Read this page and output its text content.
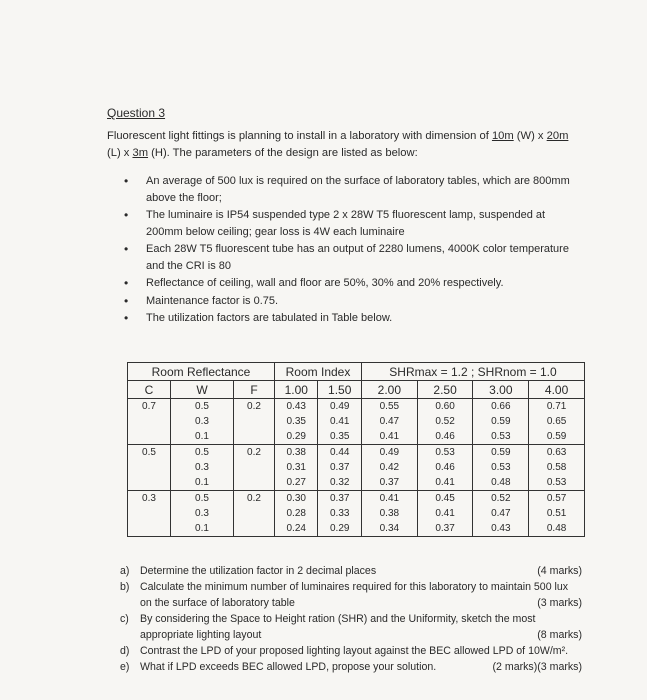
Question 3
Fluorescent light fittings is planning to install in a laboratory with dimension of 10m (W) x 20m (L) x 3m (H). The parameters of the design are listed as below:
• An average of 500 lux is required on the surface of laboratory tables, which are 800mm above the floor;
• The luminaire is IP54 suspended type 2 x 28W T5 fluorescent lamp, suspended at 200mm below ceiling; gear loss is 4W each luminaire
• Each 28W T5 fluorescent tube has an output of 2280 lumens, 4000K color temperature and the CRI is 80
• Reflectance of ceiling, wall and floor are 50%, 30% and 20% respectively.
• Maintenance factor is 0.75.
• The utilization factors are tabulated in Table below.
Room Reflectance			Room Index		SHRmax = 1.2 ; SHRnom = 1.0			
C	W	F	1.00	1.50	2.00	2.50	3.00	4.00
0.7	0.5	0.2	0.43	0.49	0.55	0.60	0.66	0.71
	0.3		0.35	0.41	0.47	0.52	0.59	0.65
	0.1		0.29	0.35	0.41	0.46	0.53	0.59
0.5	0.5	0.2	0.38	0.44	0.49	0.53	0.59	0.63
	0.3		0.31	0.37	0.42	0.46	0.53	0.58
	0.1		0.27	0.32	0.37	0.41	0.48	0.53
0.3	0.5	0.2	0.30	0.37	0.41	0.45	0.52	0.57
	0.3		0.28	0.33	0.38	0.41	0.47	0.51
	0.1		0.24	0.29	0.34	0.37	0.43	0.48
a)	(4 marks)
Determine the utilization factor in 2 decimal places
b) Calculate the minimum number of luminaires required for this laboratory to maintain 500 lux on the surface of laboratory table	(3 marks)
c) By considering the Space to Height ration (SHR) and the Uniformity, sketch the most appropriate lighting layout	(8 marks)
d) Contrast the LPD of your proposed lighting layout against the BEC allowed LPD of 10W/m².
(3 marks)
e)	(2 marks)
What if LPD exceeds BEC allowed LPD, propose your solution.
